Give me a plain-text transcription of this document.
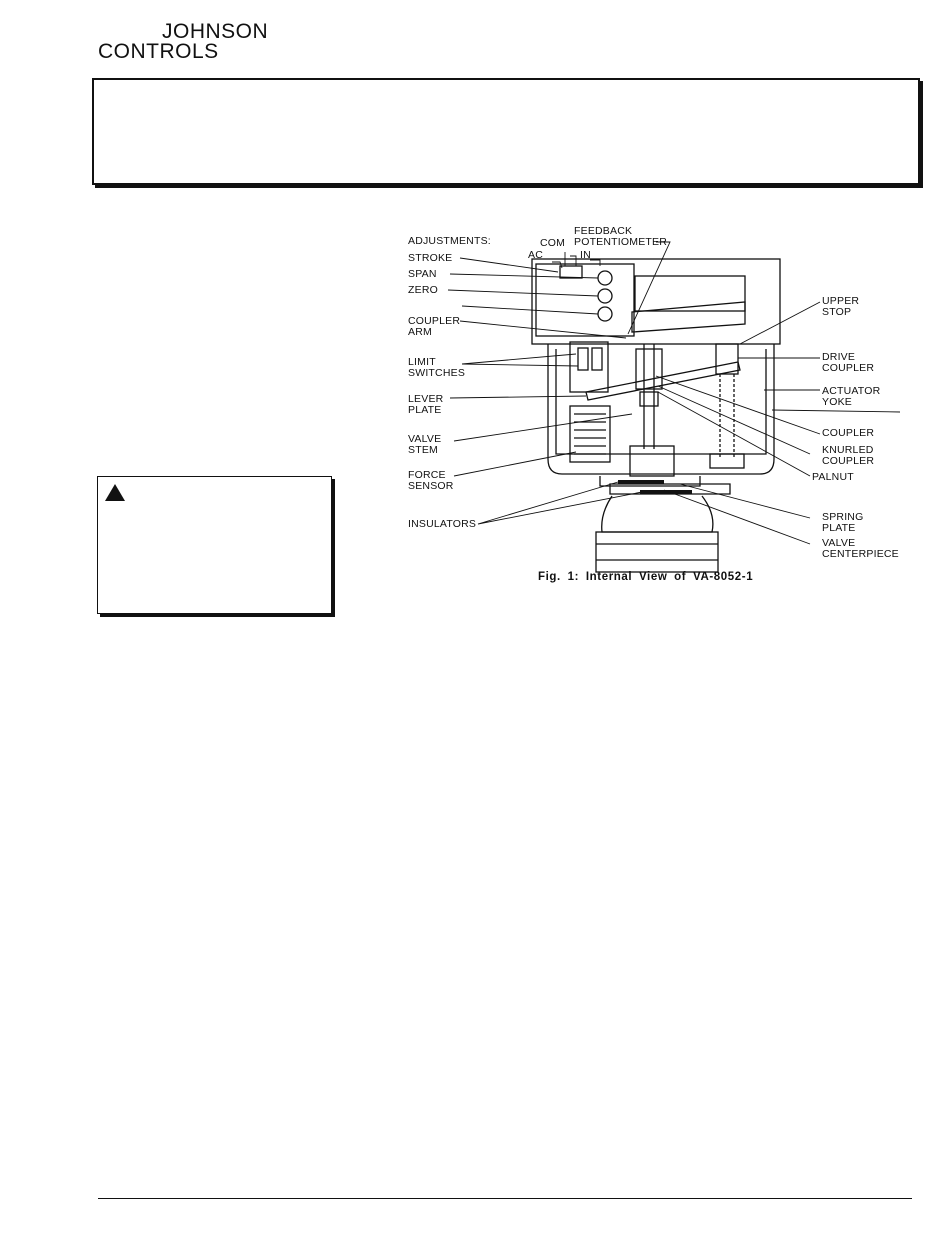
JOHNSON
CONTROLS
ADJUSTMENTS:	COM
AC	IN
FEEDBACK
POTENTIOMETER
STROKE
SPAN
ZERO
COUPLER
ARM
LIMIT
SWITCHES
LEVER
PLATE
VALVE
STEM
FORCE
SENSOR
INSULATORS
UPPER
STOP
DRIVE
COUPLER
ACTUATOR
YOKE
COUPLER
KNURLED
COUPLER
PALNUT
SPRING
PLATE
VALVE
CENTERPIECE
Fig. 1: Internal View of VA-8052-1
